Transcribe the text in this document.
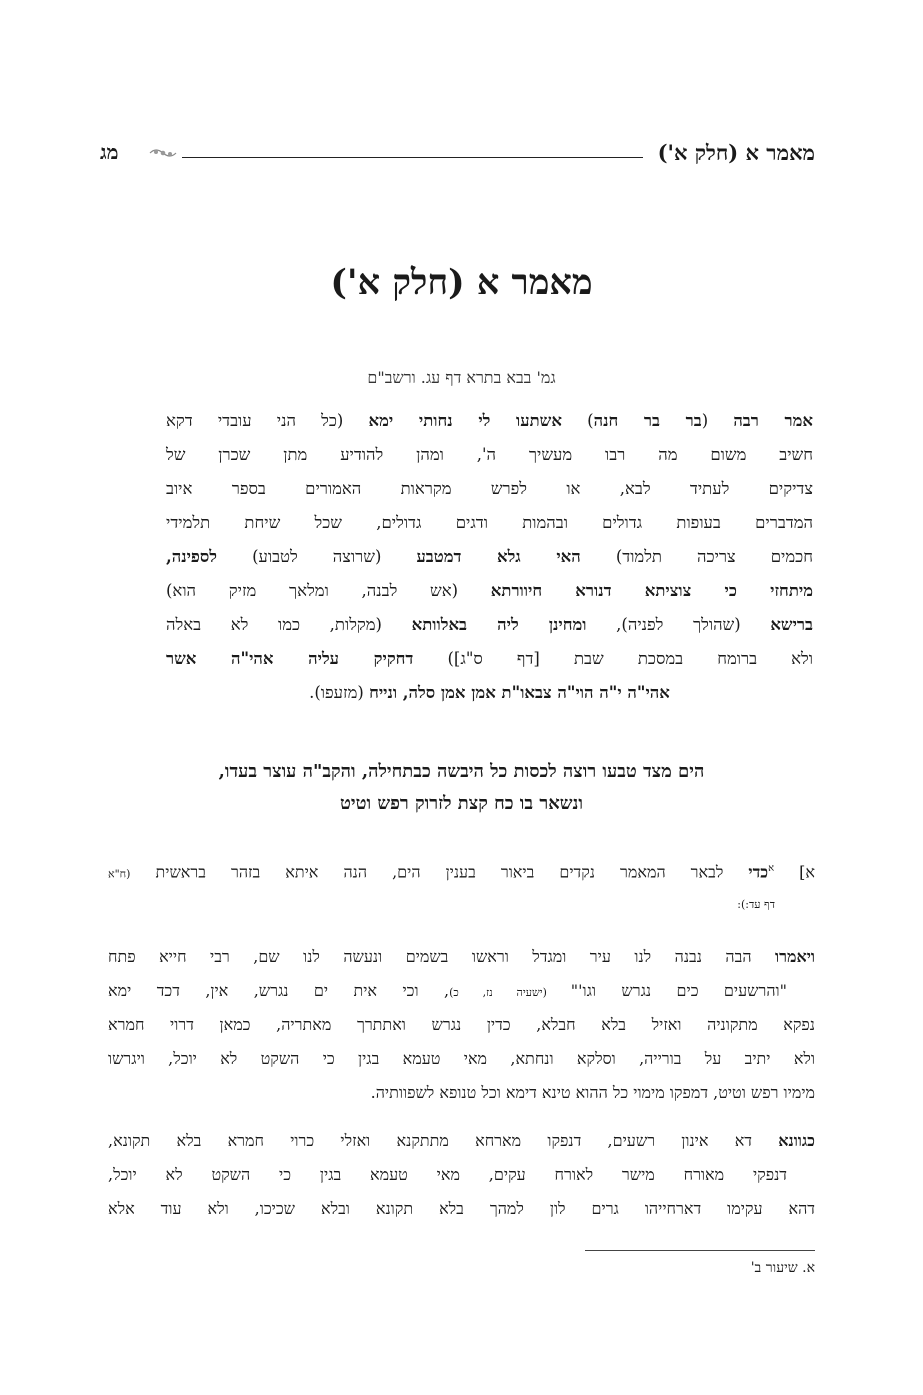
מאמר א (חלק א')
מג
מאמר א (חלק א')
גמ' בבא בתרא דף עג. ורשב"ם
אמר רבה (בר בר חנה) אשתעו לי נחותי ימא (כל הני עובדי דקא
חשיב משום מה רבו מעשיך ה', ומהן להודיע מתן שכרן של
צדיקים לעתיד לבא, או לפרש מקראות האמורים בספר איוב
המדברים בעופות גדולים ובהמות ודגים גדולים, שכל שיחת תלמידי
חכמים צריכה תלמוד) האי גלא דמטבע (שרוצה לטבוע) לספינה,
מיתחזי כי צוציתא דנורא חיוורתא (אש לבנה, ומלאך מזיק הוא)
ברישא (שהולך לפניה), ומחינן ליה באלוותא (מקלות, כמו לא באלה
ולא ברומח במסכת שבת [דף ס"ג]) דחקיק עליה אהי"ה אשר
אהי"ה י"ה הוי"ה צבאו"ת אמן אמן סלה, ונייח (מזעפו).
הים מצד טבעו רוצה לכסות כל היבשה כבתחילה, והקב"ה עוצר בעדו,
ונשאר בו כח קצת לזרוק רפש וטיט
א] $^א$כדי לבאר המאמר נקדים ביאור בענין הים, הנה איתא בזהר בראשית (ח"א
דף עד:):
ויאמרו הבה נבנה לנו עיר ומגדל וראשו בשמים ונעשה לנו שם, רבי חייא פתח
"והרשעים כים נגרש וגו'" (ישעיה נז, כ), וכי אית ים נגרש, אין, דכד ימא
נפקא מתקוניה ואזיל בלא חבלא, כדין נגרש ואתתרך מאתריה, כמאן דרוי חמרא
ולא יתיב על בורייה, וסלקא ונחתא, מאי טעמא בגין כי השקט לא יוכל, ויגרשו
מימיו רפש וטיט, דמפקו מימוי כל ההוא טינא דימא וכל טנופא לשפוותיה.
כגוונא דא אינון רשעים, דנפקו מארחא מתתקנא ואזלי כרוי חמרא בלא תקונא,
דנפקי מאורח מישר לאורח עקים, מאי טעמא בגין כי השקט לא יוכל,
דהא עקימו דארחייהו גרים לון למהך בלא תקונא ובלא שכיכו, ולא עוד אלא
א. שיעור ב'
